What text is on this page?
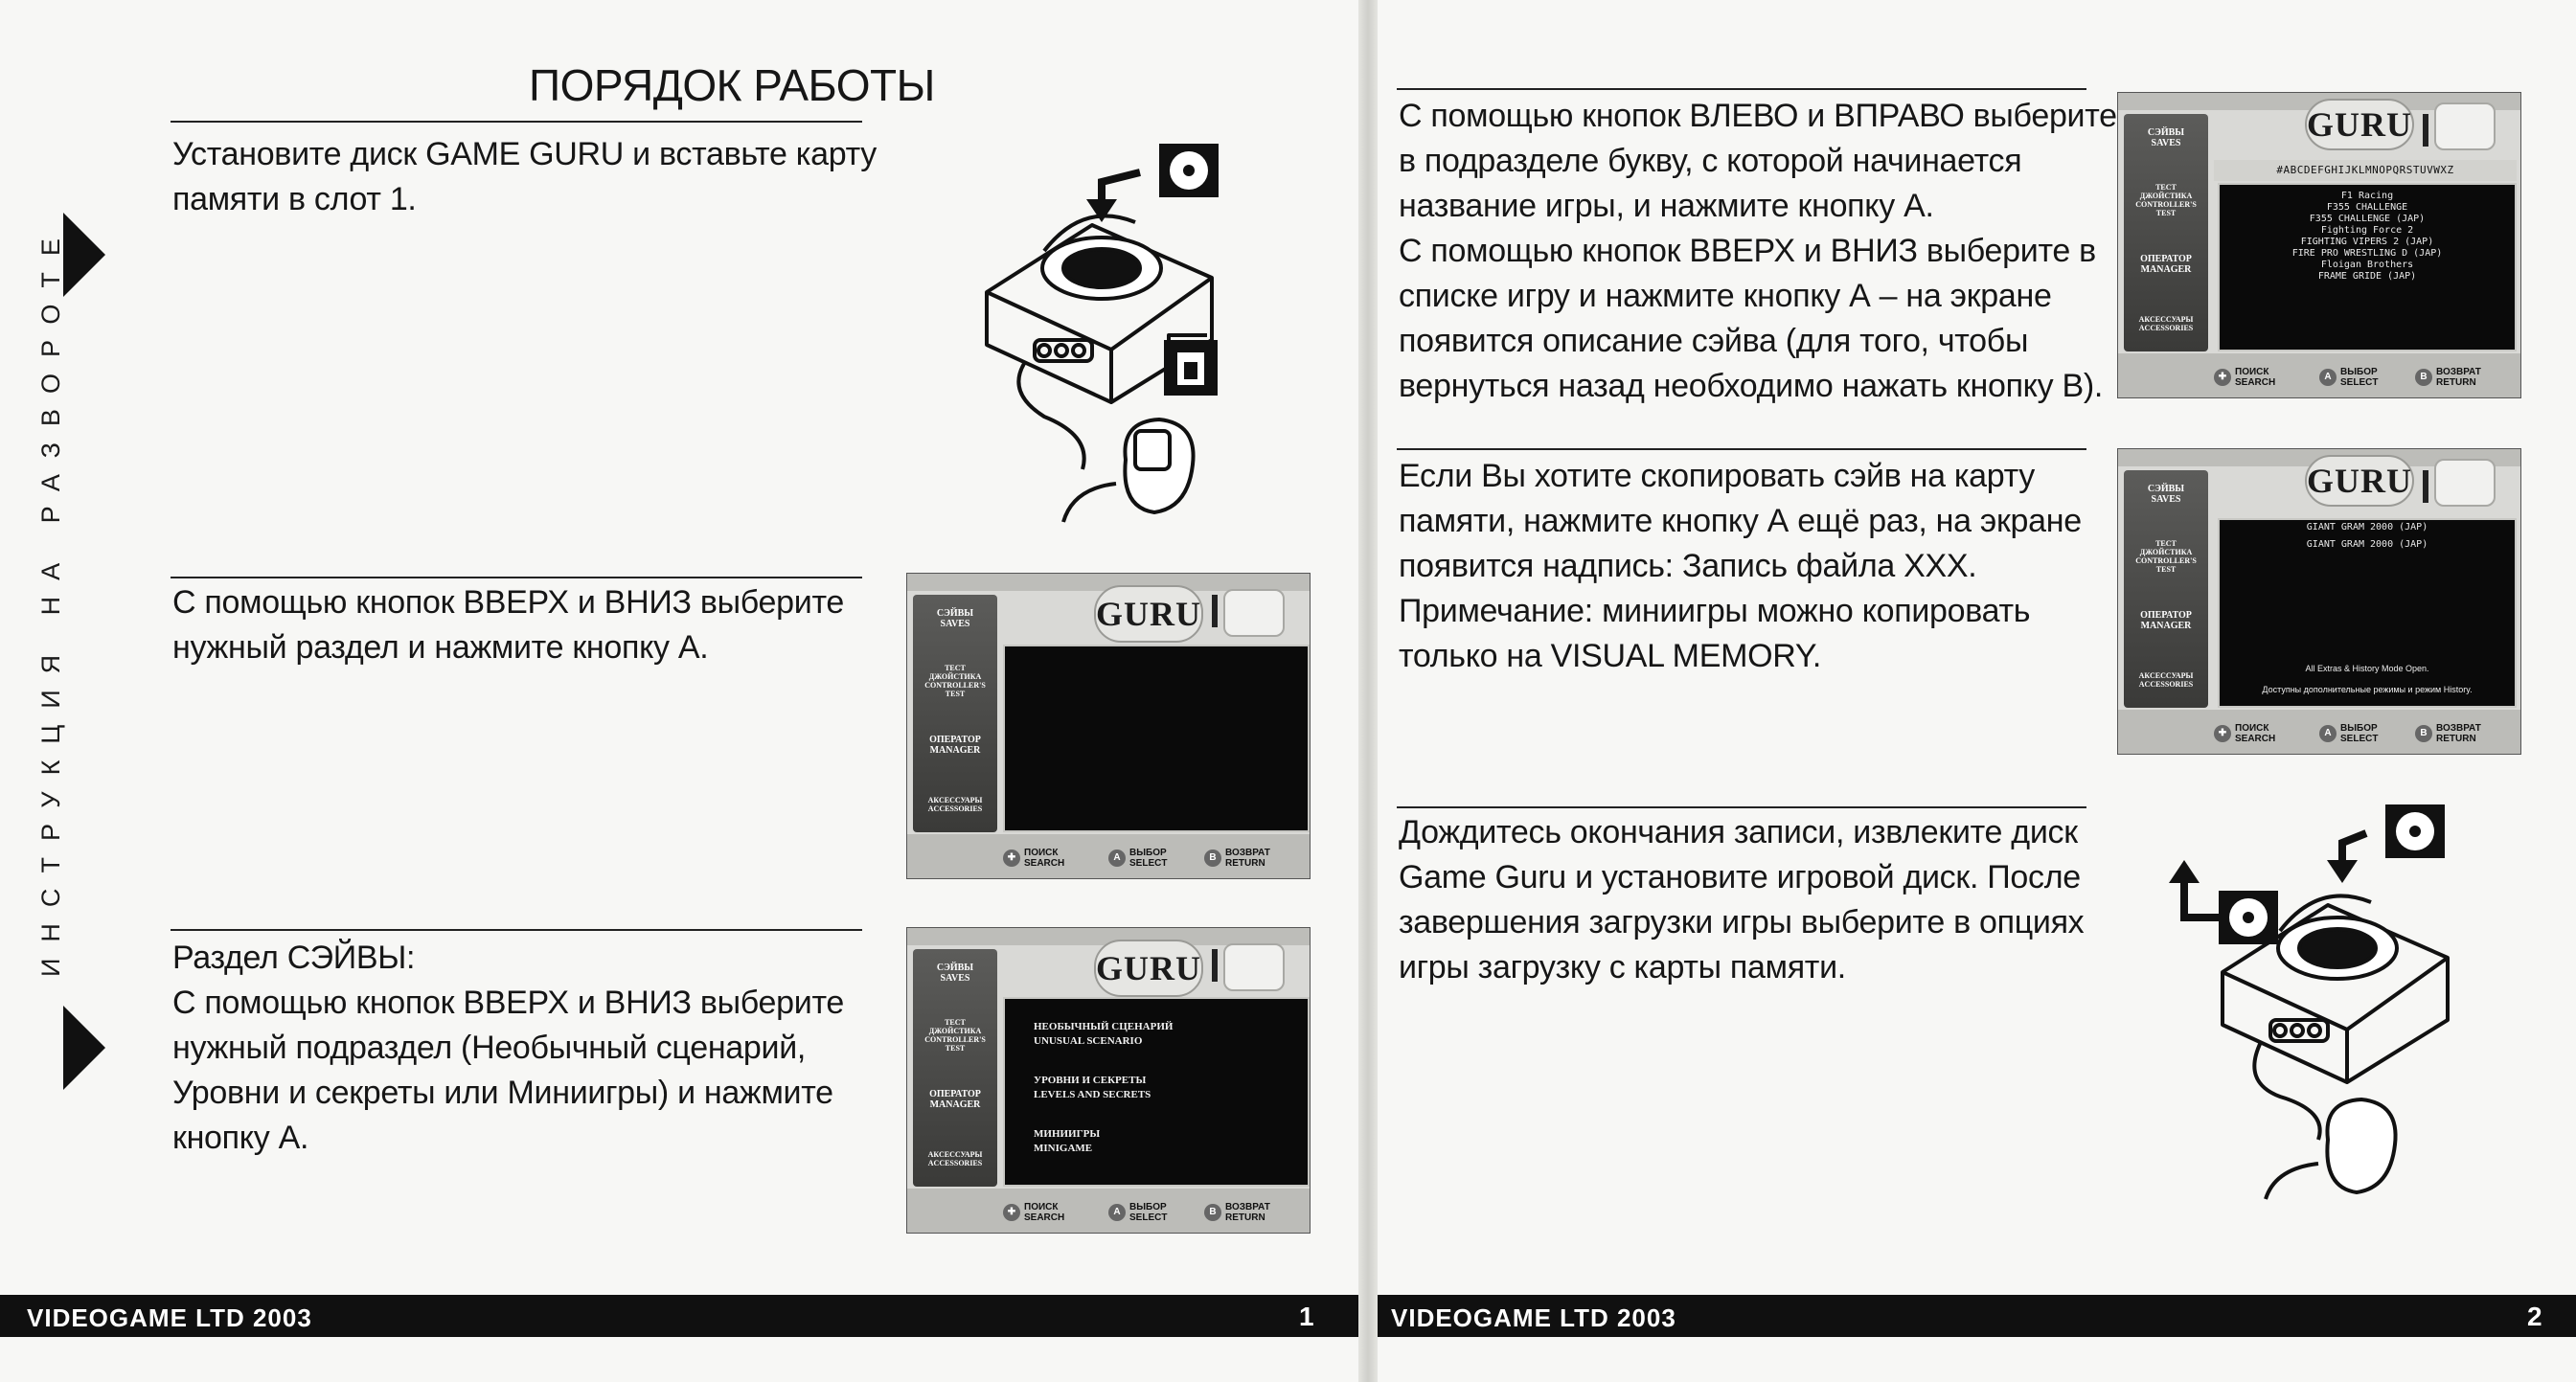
ПОРЯДОК РАБОТЫ
ИНСТРУКЦИЯ НА РАЗВОРОТЕ
Установите диск GAME GURU и вставьте карту
памяти в слот 1.
С помощью кнопок ВВЕРХ и ВНИЗ выберите
нужный раздел и нажмите кнопку А.
СЭЙВЫ
SAVES
ТЕСТ
ДЖОЙСТИКА
CONTROLLER'S
TEST
ОПЕРАТОР
MANAGER
АКСЕССУАРЫ
ACCESSORIES
GURU
✚ ПОИСК
SEARCH
A ВЫБОР
SELECT
B ВОЗВРАТ
RETURN
Раздел СЭЙВЫ:
С помощью кнопок ВВЕРХ и ВНИЗ выберите
нужный подраздел (Необычный сценарий,
Уровни и секреты или Миниигры) и нажмите
кнопку А.
СЭЙВЫ
SAVES
ТЕСТ
ДЖОЙСТИКА
CONTROLLER'S
TEST
ОПЕРАТОР
MANAGER
АКСЕССУАРЫ
ACCESSORIES
GURU
НЕОБЫЧНЫЙ СЦЕНАРИЙ
UNUSUAL SCENARIO
УРОВНИ И СЕКРЕТЫ
LEVELS AND SECRETS
МИНИИГРЫ
MINIGAME
✚ ПОИСК
SEARCH
A ВЫБОР
SELECT
B ВОЗВРАТ
RETURN
VIDEOGAME LTD 2003	1
С помощью кнопок ВЛЕВО и ВПРАВО выберите
в подразделе букву, с которой начинается
название игры, и нажмите кнопку А.
С помощью кнопок ВВЕРХ и ВНИЗ выберите в
списке игру и нажмите кнопку А – на экране
появится описание сэйва (для того, чтобы
вернуться назад необходимо нажать кнопку В).
СЭЙВЫ
SAVES
ТЕСТ
ДЖОЙСТИКА
CONTROLLER'S
TEST
ОПЕРАТОР
MANAGER
АКСЕССУАРЫ
ACCESSORIES
GURU
#ABCDEFGHIJKLMNOPQRSTUVWXZ
F1 Racing
F355 CHALLENGE
F355 CHALLENGE (JAP)
Fighting Force 2
FIGHTING VIPERS 2 (JAP)
FIRE PRO WRESTLING D (JAP)
Floigan Brothers
FRAME GRIDE (JAP)
✚ ПОИСК
SEARCH
A ВЫБОР
SELECT
B ВОЗВРАТ
RETURN
Если Вы хотите скопировать сэйв на карту
памяти, нажмите кнопку А ещё раз, на экране
появится надпись: Запись файла ХХХ.
Примечание: миниигры можно копировать
только на VISUAL MEMORY.
СЭЙВЫ
SAVES
ТЕСТ
ДЖОЙСТИКА
CONTROLLER'S
TEST
ОПЕРАТОР
MANAGER
АКСЕССУАРЫ
ACCESSORIES
GURU
GIANT GRAM 2000 (JAP)
GIANT GRAM 2000 (JAP)
All Extras & History Mode Open.
Доступны дополнительные режимы и режим History.
✚ ПОИСК
SEARCH
A ВЫБОР
SELECT
B ВОЗВРАТ
RETURN
Дождитесь окончания записи, извлеките диск
Game Guru и установите игровой диск. После
завершения загрузки игры выберите в опциях
игры загрузку с карты памяти.
VIDEOGAME LTD 2003	2
